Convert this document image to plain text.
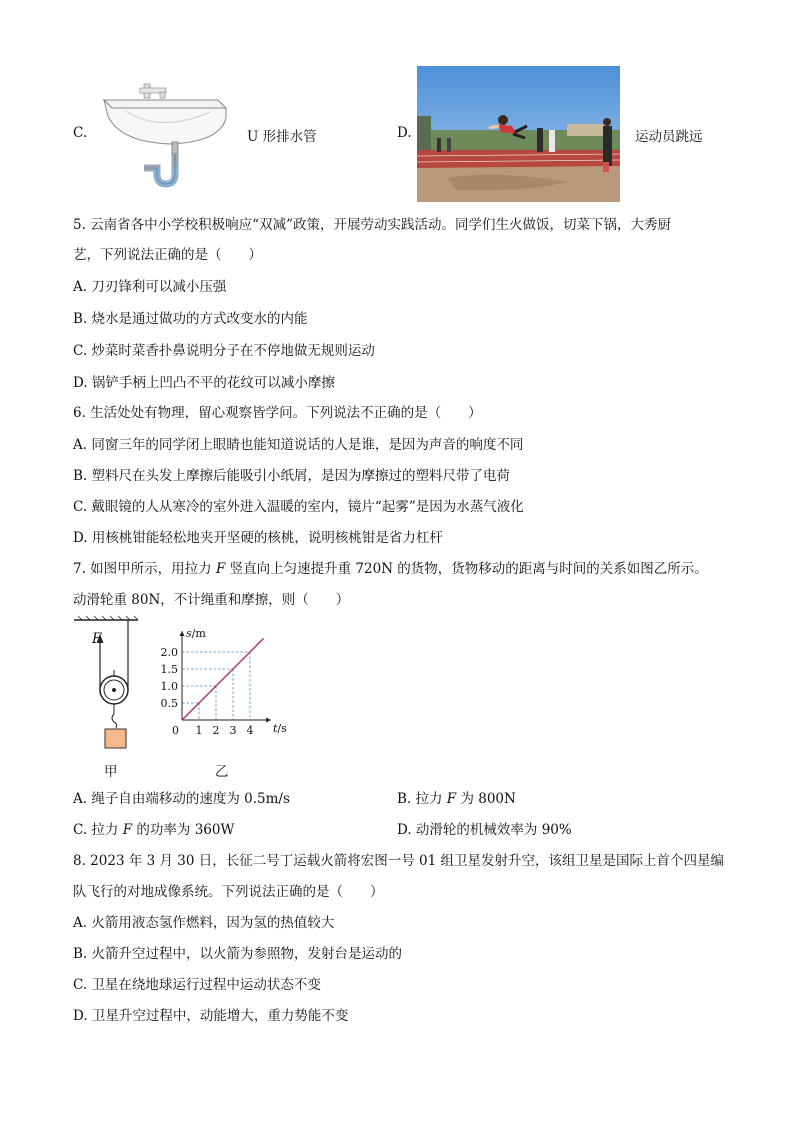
C.	U 形排水管	D.	运动员跳远
5. 云南省各中小学校积极响应“双减”政策，开展劳动实践活动。同学们生火做饭，切菜下锅，大秀厨
艺，下列说法正确的是（　　）
A. 刀刃锋利可以减小压强
B. 烧水是通过做功的方式改变水的内能
C. 炒菜时菜香扑鼻说明分子在不停地做无规则运动
D. 锅铲手柄上凹凸不平的花纹可以减小摩擦
6. 生活处处有物理，留心观察皆学问。下列说法不正确的是（　　）
A. 同窗三年的同学闭上眼睛也能知道说话的人是谁，是因为声音的响度不同
B. 塑料尺在头发上摩擦后能吸引小纸屑，是因为摩擦过的塑料尺带了电荷
C. 戴眼镜的人从寒冷的室外进入温暖的室内，镜片“起雾”是因为水蒸气液化
D. 用核桃钳能轻松地夹开坚硬的核桃，说明核桃钳是省力杠杆
7. 如图甲所示，用拉力 F 竖直向上匀速提升重 720N 的货物，货物移动的距离与时间的关系如图乙所示。
动滑轮重 80N，不计绳重和摩擦，则（　　）
F
甲
1 2 3 4
0.5
1.0
1.5
2.0
0	t/s
s/m
乙
A. 绳子自由端移动的速度为 0.5m/s	B. 拉力 F 为 800N
C. 拉力 F 的功率为 360W	D. 动滑轮的机械效率为 90%
8. 2023 年 3 月 30 日，长征二号丁运载火箭将宏图一号 01 组卫星发射升空，该组卫星是国际上首个四星编
队飞行的对地成像系统。下列说法正确的是（　　）
A. 火箭用液态氢作燃料，因为氢的热值较大
B. 火箭升空过程中，以火箭为参照物，发射台是运动的
C. 卫星在绕地球运行过程中运动状态不变
D. 卫星升空过程中，动能增大，重力势能不变
